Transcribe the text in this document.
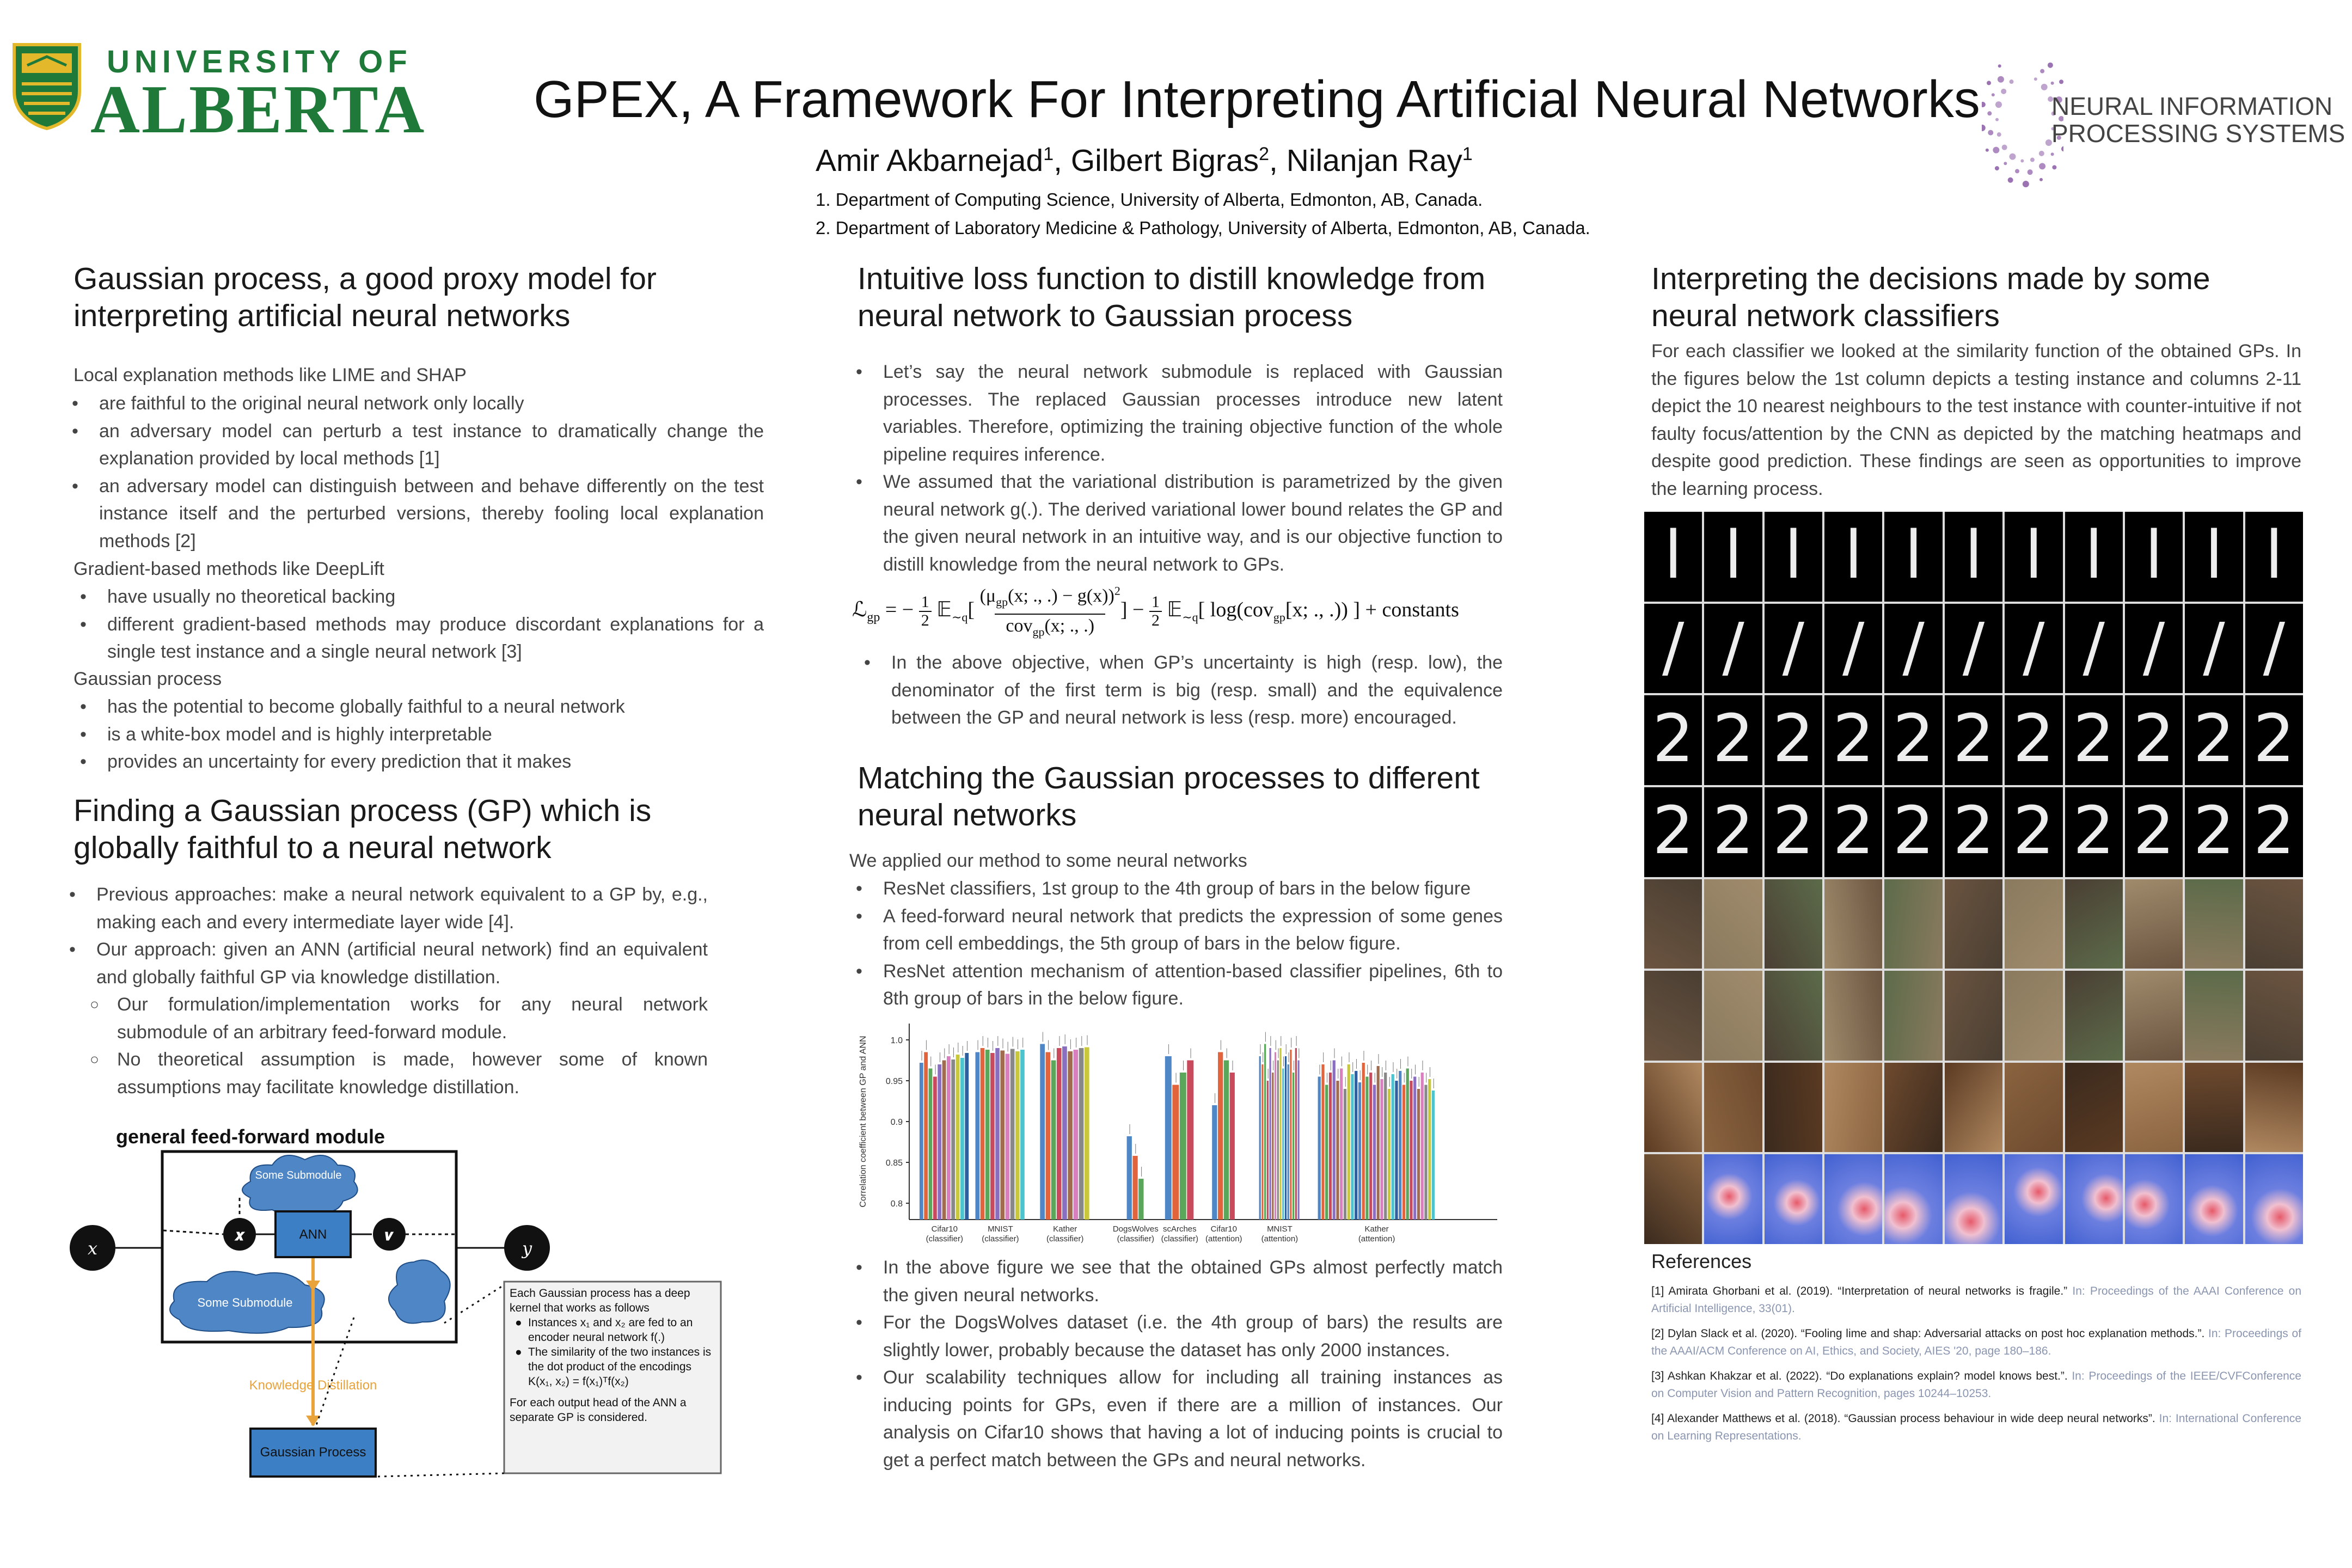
UNIVERSITY OF
ALBERTA GPEX, A Framework For Interpreting Artificial Neural Networks
Amir Akbarnejad$^1$, Gilbert Bigras$^2$, Nilanjan Ray$^1$
1. Department of Computing Science, University of Alberta, Edmonton, AB, Canada.
2. Department of Laboratory Medicine & Pathology, University of Alberta, Edmonton, AB, Canada.
NEURAL INFORMATION
PROCESSING SYSTEMS
Gaussian process, a good proxy model for interpreting artificial neural networks
Local explanation methods like LIME and SHAP
• are faithful to the original neural network only locally
• an adversary model can perturb a test instance to dramatically change the explanation provided by local methods [1]
• an adversary model can distinguish between and behave differently on the test instance itself and the perturbed versions, thereby fooling local explanation methods [2]
Gradient-based methods like DeepLift
• have usually no theoretical backing
• different gradient-based methods may produce discordant explanations for a single test instance and a single neural network [3]
Gaussian process
• has the potential to become globally faithful to a neural network
• is a white-box model and is highly interpretable
• provides an uncertainty for every prediction that it makes
Finding a Gaussian process (GP) which is globally faithful to a neural network
• Previous approaches: make a neural network equivalent to a GP by, e.g., making each and every intermediate layer wide [4].
• Our approach: given an ANN (artificial neural network) find an equivalent and globally faithful GP via knowledge distillation.
○ Our formulation/implementation works for any neural network submodule of an arbitrary feed-forward module.
○ No theoretical assumption is made, however some of known assumptions may facilitate knowledge distillation.
general feed-forward module
Some Submodule
Some Submodule
ANN
𝑥
𝒙	𝒗
𝑦
Knowledge Distillation
Gaussian Process
Each Gaussian process has a deep kernel that works as follows
● Instances x₁ and x₂ are fed to an encoder neural network f(.)
● The similarity of the two instances is the dot product of the encodings K(x₁, x₂) = f(x₁)ᵀf(x₂)
For each output head of the ANN a separate GP is considered.
Intuitive loss function to distill knowledge from neural network to Gaussian process
• Let’s say the neural network submodule is replaced with Gaussian processes. The replaced Gaussian processes introduce new latent variables. Therefore, optimizing the training objective function of the whole pipeline requires inference.
• We assumed that the variational distribution is parametrized by the given neural network g(.). The derived variational lower bound relates the GP and the given neural network in an intuitive way, and is our objective function to distill knowledge from the neural network to GPs.
ℒ$_{gp}$ = − $\frac{1}{2}$ 𝔼$_{\sim q}$[ ($\mu_{gp}(x$; ., .) − g(x))$^2$
cov$_{gp}$(x; ., .)] − $\frac{1}{2}$ 𝔼$_{\sim q}$[ log(cov$_{gp}$[x; ., .)) ] + constants
• In the above objective, when GP’s uncertainty is high (resp. low), the denominator of the first term is big (resp. small) and the equivalence between the GP and neural network is less (resp. more) encouraged.
Matching the Gaussian processes to different neural networks
We applied our method to some neural networks
• ResNet classifiers, 1st group to the 4th group of bars in the below figure
• A feed-forward neural network that predicts the expression of some genes from cell embeddings, the 5th group of bars in the below figure.
• ResNet attention mechanism of attention-based classifier pipelines, 6th to 8th group of bars in the below figure.
0.8
0.85
0.9
0.95
1.0
Correlation coefficient between GP and ANN
Cifar10
(classifier)
MNIST
(classifier)
Kather
(classifier)
DogsWolves
(classifier)
scArches
(classifier)
Cifar10
(attention)
MNIST
(attention)
Kather
(attention)
• In the above figure we see that the obtained GPs almost perfectly match the given neural networks.
• For the DogsWolves dataset (i.e. the 4th group of bars) the results are slightly lower, probably because the dataset has only 2000 instances.
• Our scalability techniques allow for including all training instances as inducing points for GPs, even if there are a million of instances. Our analysis on Cifar10 shows that having a lot of inducing points is crucial to get a perfect match between the GPs and neural networks.
Interpreting the decisions made by some neural network classifiers
For each classifier we looked at the similarity function of the obtained GPs. In the figures below the 1st column depicts a testing instance and columns 2-11 depict the 10 nearest neighbours to the test instance with counter-intuitive if not faulty focus/attention by the CNN as depicted by the matching heatmaps and despite good prediction. These findings are seen as opportunities to improve the learning process.
l l l l l l l l l l l
/ / / / / / / / / / /
2 2 2 2 2 2 2 2 2 2 2
2 2 2 2 2 2 2 2 2 2 2
References
[1] Amirata Ghorbani et al. (2019). “Interpretation of neural networks is fragile.” In: Proceedings of the AAAI Conference on Artificial Intelligence, 33(01).
[2] Dylan Slack et al. (2020). “Fooling lime and shap: Adversarial attacks on post hoc explanation methods.”. In: Proceedings of the AAAI/ACM Conference on AI, Ethics, and Society, AIES '20, page 180–186.
[3] Ashkan Khakzar et al. (2022). “Do explanations explain? model knows best.”. In: Proceedings of the IEEE/CVFConference on Computer Vision and Pattern Recognition, pages 10244–10253.
[4] Alexander Matthews et al. (2018). “Gaussian process behaviour in wide deep neural networks”. In: International Conference on Learning Representations.
